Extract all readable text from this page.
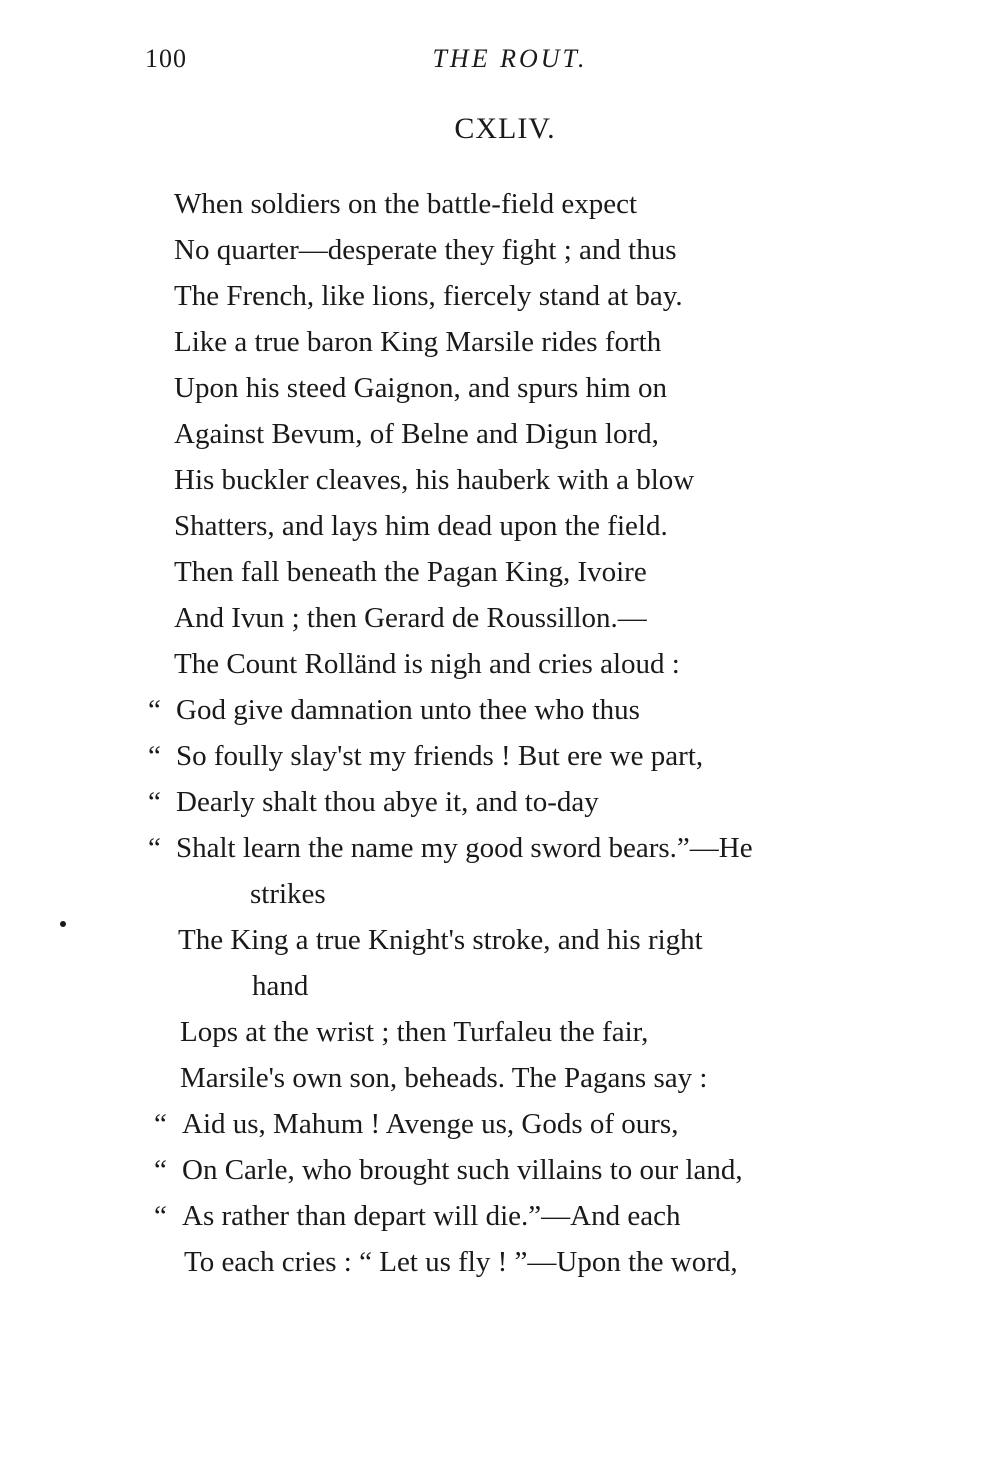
100	THE ROUT.
CXLIV.
When soldiers on the battle-field expect
No quarter—desperate they fight ; and thus
The French, like lions, fiercely stand at bay.
Like a true baron King Marsile rides forth
Upon his steed Gaignon, and spurs him on
Against Bevum, of Belne and Digun lord,
His buckler cleaves, his hauberk with a blow
Shatters, and lays him dead upon the field.
Then fall beneath the Pagan King, Ivoire
And Ivun ; then Gerard de Roussillon.—
The Count Rolländ is nigh and cries aloud :
“ God give damnation unto thee who thus
“ So foully slay'st my friends ! But ere we part,
“ Dearly shalt thou abye it, and to-day
“ Shalt learn the name my good sword bears.”—He
strikes
The King a true Knight's stroke, and his right
hand
Lops at the wrist ; then Turfaleu the fair,
Marsile's own son, beheads. The Pagans say :
“ Aid us, Mahum ! Avenge us, Gods of ours,
“ On Carle, who brought such villains to our land,
“ As rather than depart will die.”—And each
To each cries : “ Let us fly ! ”—Upon the word,
